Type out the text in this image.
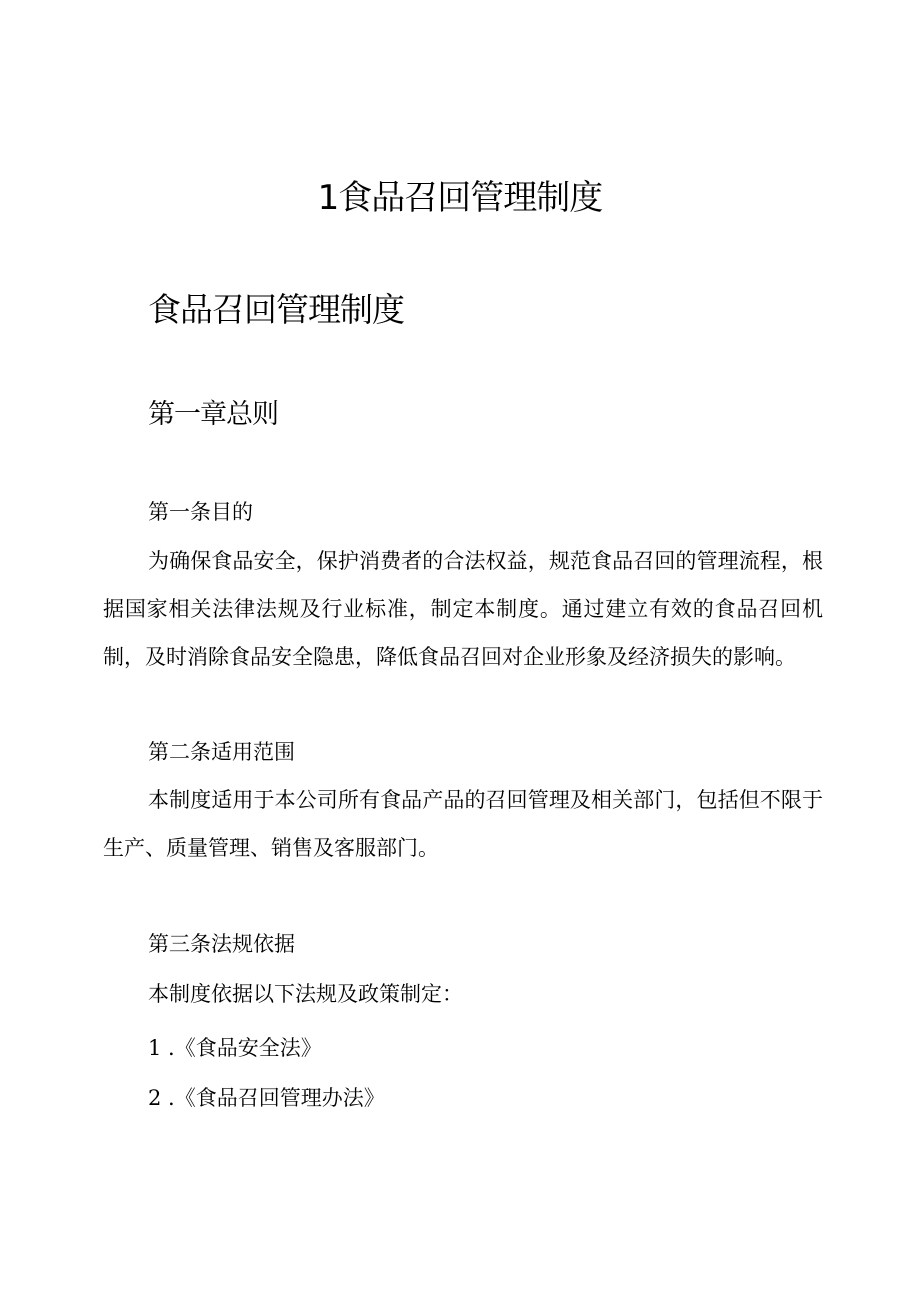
1食品召回管理制度
食品召回管理制度
第一章总则
第一条目的
为确保食品安全，保护消费者的合法权益，规范食品召回的管理流程，根据国家相关法律法规及行业标准，制定本制度。通过建立有效的食品召回机制，及时消除食品安全隐患，降低食品召回对企业形象及经济损失的影响。
第二条适用范围
本制度适用于本公司所有食品产品的召回管理及相关部门，包括但不限于生产、质量管理、销售及客服部门。
第三条法规依据
本制度依据以下法规及政策制定：
1 .《食品安全法》
2 .《食品召回管理办法》
